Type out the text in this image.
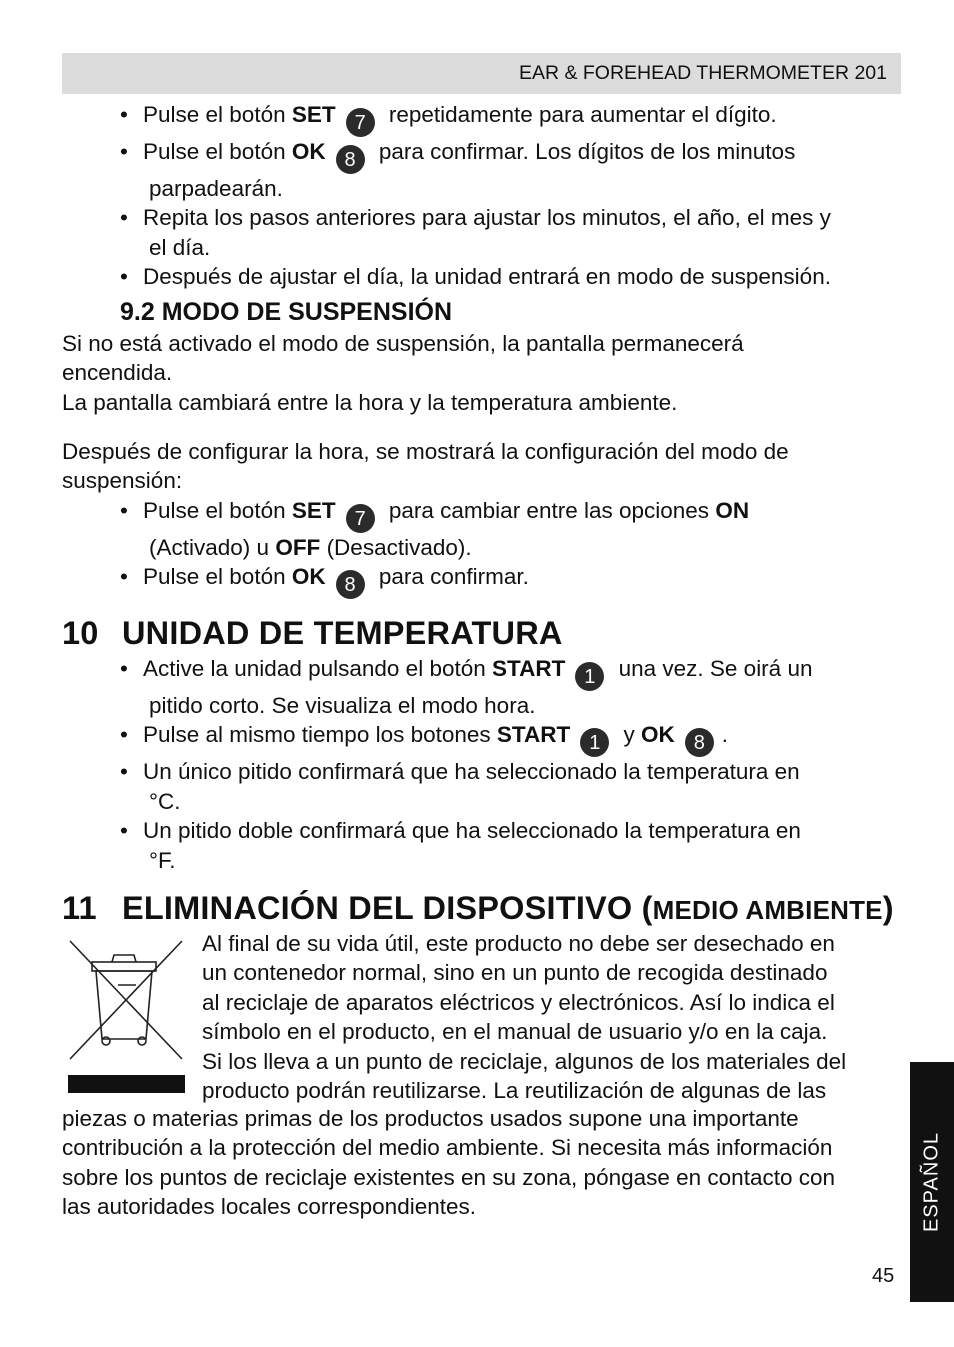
EAR & FOREHEAD THERMOMETER 201
• Pulse el botón SET 7 repetidamente para aumentar el dígito.
• Pulse el botón OK 8 para confirmar. Los dígitos de los minutos
parpadearán.
• Repita los pasos anteriores para ajustar los minutos, el año, el mes y
el día.
• Después de ajustar el día, la unidad entrará en modo de suspensión.
9.2 MODO DE SUSPENSIÓN

Si no está activado el modo de suspensión, la pantalla permanecerá
encendida.
La pantalla cambiará entre la hora y la temperatura ambiente.

Después de configurar la hora, se mostrará la configuración del modo de
suspensión:

• Pulse el botón SET 7 para cambiar entre las opciones ON
(Activado) u OFF (Desactivado).
• Pulse el botón OK 8 para confirmar.
10 UNIDAD DE TEMPERATURA
• Active la unidad pulsando el botón START 1 una vez. Se oirá un
pitido corto. Se visualiza el modo hora.
• Pulse al mismo tiempo los botones START 1 y OK 8 .
• Un único pitido confirmará que ha seleccionado la temperatura en
°C.
• Un pitido doble confirmará que ha seleccionado la temperatura en
°F.
11 ELIMINACIÓN DEL DISPOSITIVO (MEDIO AMBIENTE)

Al final de su vida útil, este producto no debe ser desechado en
un contenedor normal, sino en un punto de recogida destinado
al reciclaje de aparatos eléctricos y electrónicos. Así lo indica el
símbolo en el producto, en el manual de usuario y/o en la caja.
Si los lleva a un punto de reciclaje, algunos de los materiales del
producto podrán reutilizarse. La reutilización de algunas de las

piezas o materias primas de los productos usados supone una importante
contribución a la protección del medio ambiente. Si necesita más información
sobre los puntos de reciclaje existentes en su zona, póngase en contacto con
las autoridades locales correspondientes.	ESPAÑOL
45
